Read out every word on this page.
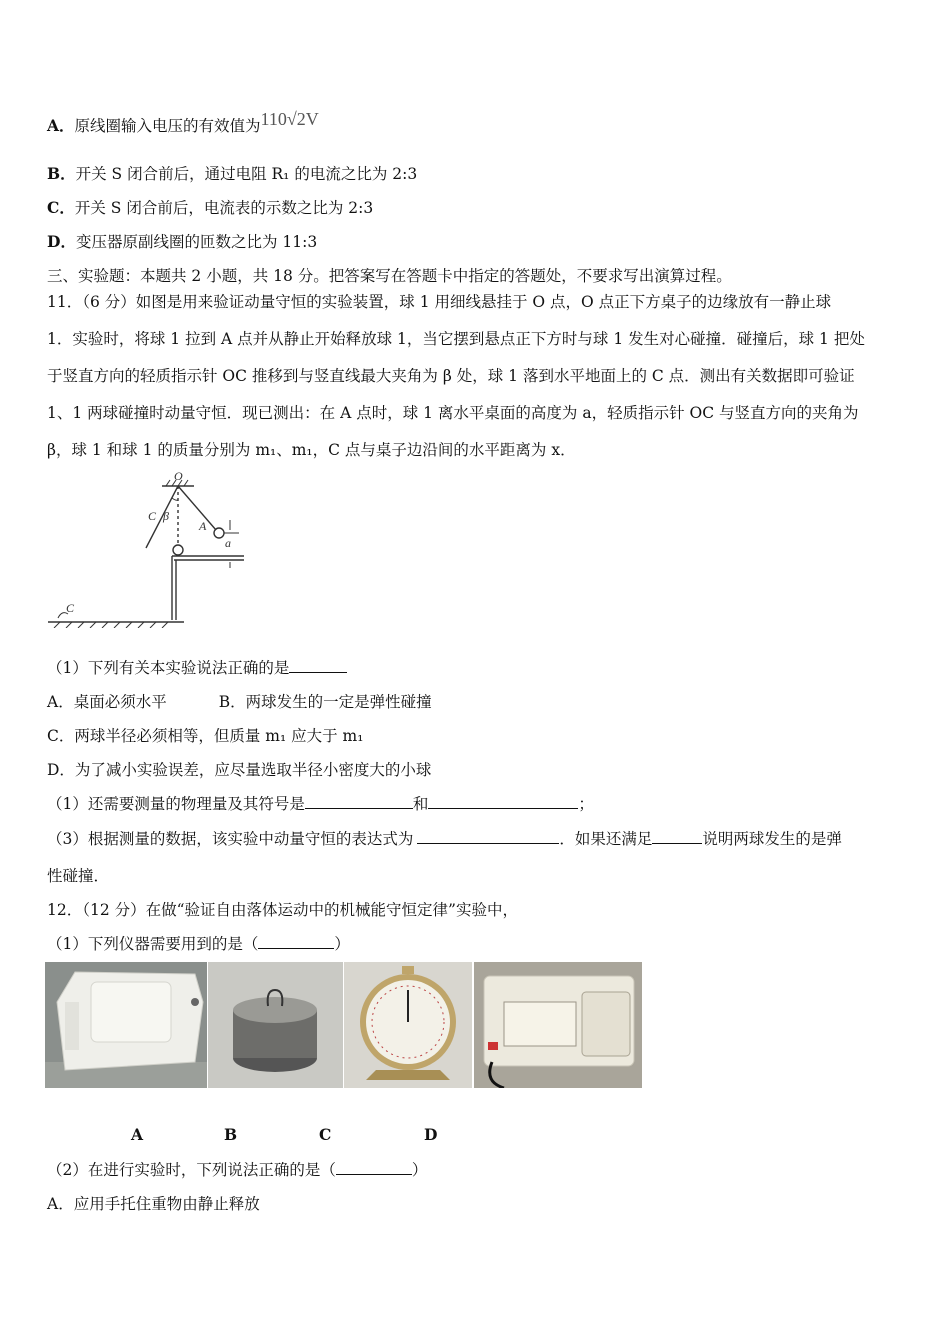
A．原线圈输入电压的有效值为110√2V
B．开关 S 闭合前后，通过电阻 R₁ 的电流之比为 2:3
C．开关 S 闭合前后，电流表的示数之比为 2:3
D．变压器原副线圈的匝数之比为 11:3
三、实验题：本题共 2 小题，共 18 分。把答案写在答题卡中指定的答题处，不要求写出演算过程。
11．（6 分）如图是用来验证动量守恒的实验装置，球 1 用细线悬挂于 O 点，O 点正下方桌子的边缘放有一静止球
1．实验时，将球 1 拉到 A 点并从静止开始释放球 1，当它摆到悬点正下方时与球 1 发生对心碰撞．碰撞后，球 1 把处
于竖直方向的轻质指示针 OC 推移到与竖直线最大夹角为 β 处，球 1 落到水平地面上的 C 点．测出有关数据即可验证
1、1 两球碰撞时动量守恒．现已测出：在 A 点时，球 1 离水平桌面的高度为 a，轻质指示针 OC 与竖直方向的夹角为
β，球 1 和球 1 的质量分别为 m₁、m₁，C 点与桌子边沿间的水平距离为 x．
O
C β
A
a
C
（1）下列有关本实验说法正确的是
A．桌面必须水平	B．两球发生的一定是弹性碰撞
C．两球半径必须相等，但质量 m₁ 应大于 m₁
D．为了减小实验误差，应尽量选取半径小密度大的小球
（1）还需要测量的物理量及其符号是	和	；
（3）根据测量的数据，该实验中动量守恒的表达式为	．如果还满足	说明两球发生的是弹
性碰撞．
12．（12 分）在做“验证自由落体运动中的机械能守恒定律”实验中，
（1）下列仪器需要用到的是（	）
A	B	C	D
（2）在进行实验时，下列说法正确的是（	）
A．应用手托住重物由静止释放
